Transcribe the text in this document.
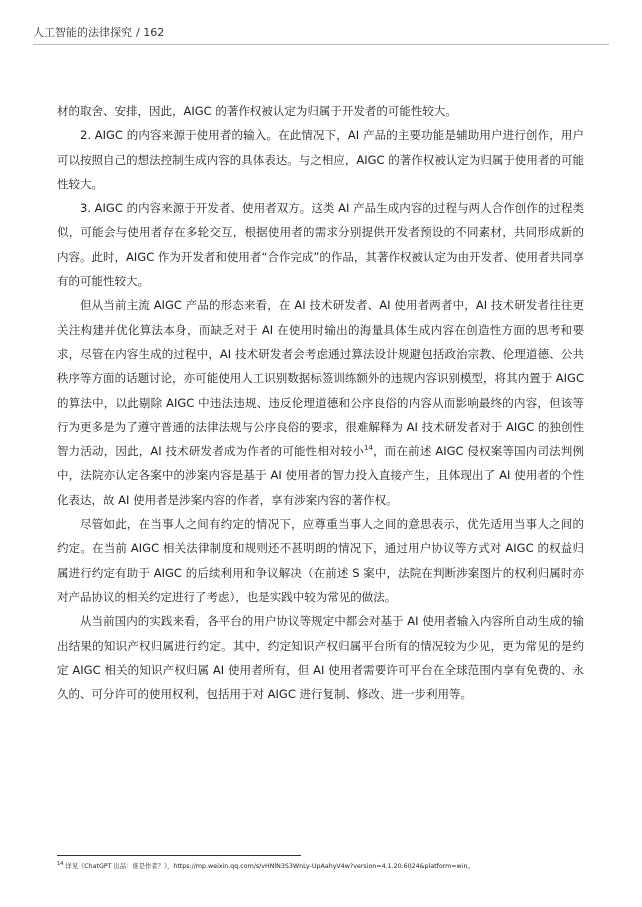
人工智能的法律探究 / 162

材的取舍、安排，因此，AIGC 的著作权被认定为归属于开发者的可能性较大。

2. AIGC 的内容来源于使用者的输入。在此情况下，AI 产品的主要功能是辅助用户进行创作，用户可以按照自己的想法控制生成内容的具体表达。与之相应，AIGC 的著作权被认定为归属于使用者的可能性较大。

3. AIGC 的内容来源于开发者、使用者双方。这类 AI 产品生成内容的过程与两人合作创作的过程类似，可能会与使用者存在多轮交互，根据使用者的需求分别提供开发者预设的不同素材，共同形成新的内容。此时，AIGC 作为开发者和使用者“合作完成”的作品，其著作权被认定为由开发者、使用者共同享有的可能性较大。

但从当前主流 AIGC 产品的形态来看，在 AI 技术研发者、AI 使用者两者中，AI 技术研发者往往更关注构建并优化算法本身，而缺乏对于 AI 在使用时输出的海量具体生成内容在创造性方面的思考和要求，尽管在内容生成的过程中，AI 技术研发者会考虑通过算法设计规避包括政治宗教、伦理道德、公共秩序等方面的话题讨论，亦可能使用人工识别数据标签训练额外的违规内容识别模型，将其内置于 AIGC 的算法中，以此剔除 AIGC 中违法违规、违反伦理道德和公序良俗的内容从而影响最终的内容，但该等行为更多是为了遵守普通的法律法规与公序良俗的要求，很难解释为 AI 技术研发者对于 AIGC 的独创性智力活动，因此，AI 技术研发者成为作者的可能性相对较小$^{14}$，而在前述 AIGC 侵权案等国内司法判例中，法院亦认定各案中的涉案内容是基于 AI 使用者的智力投入直接产生，且体现出了 AI 使用者的个性化表达，故 AI 使用者是涉案内容的作者，享有涉案内容的著作权。

尽管如此，在当事人之间有约定的情况下，应尊重当事人之间的意思表示，优先适用当事人之间的约定。在当前 AIGC 相关法律制度和规则还不甚明朗的情况下，通过用户协议等方式对 AIGC 的权益归属进行约定有助于 AIGC 的后续利用和争议解决（在前述 S 案中，法院在判断涉案图片的权利归属时亦对产品协议的相关约定进行了考虑），也是实践中较为常见的做法。

从当前国内的实践来看，各平台的用户协议等规定中都会对基于 AI 使用者输入内容所自动生成的输出结果的知识产权归属进行约定。其中，约定知识产权归属平台所有的情况较为少见，更为常见的是约定 AIGC 相关的知识产权归属 AI 使用者所有，但 AI 使用者需要许可平台在全球范围内享有免费的、永久的、可分许可的使用权利，包括用于对 AIGC 进行复制、修改、进一步利用等。

$^{14}$ 详见《ChatGPT 出品：谁是作者？》，https://mp.weixin.qq.com/s/vHNlN3S3WnLy-UpAahyV4w?version=4.1.20.6024&platform=win。
